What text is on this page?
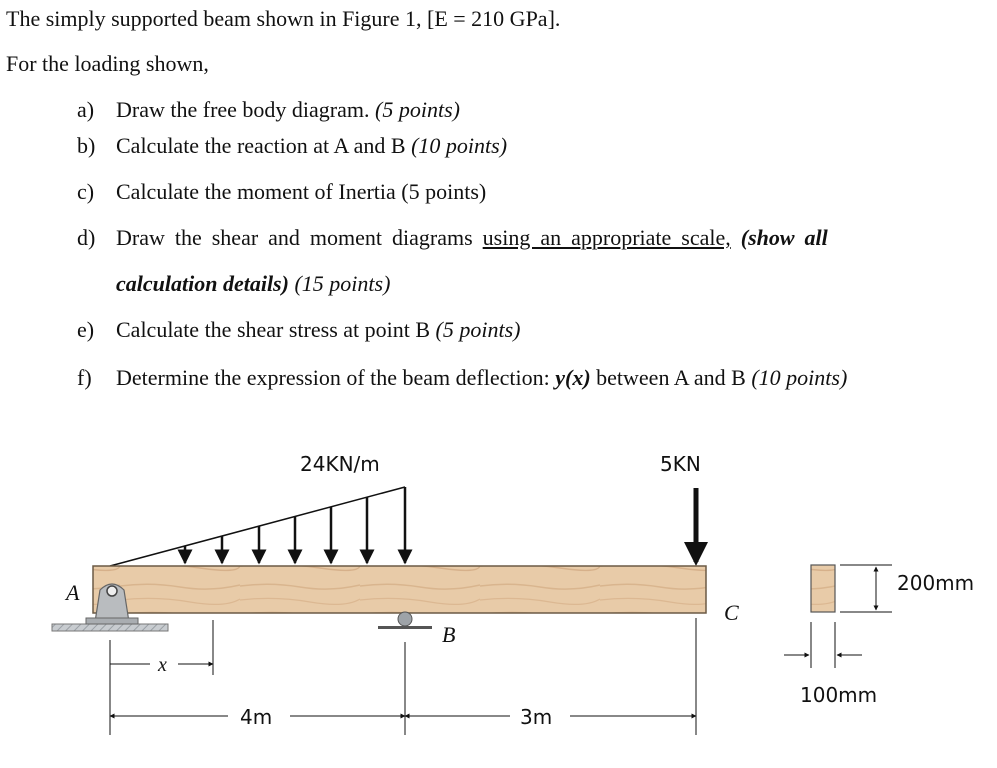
The simply supported beam shown in Figure 1, [E = 210 GPa].
For the loading shown,
a) Draw the free body diagram. (5 points)
b) Calculate the reaction at A and B (10 points)
c) Calculate the moment of Inertia (5 points)
d) Draw the shear and moment diagrams using an appropriate scale, (show all
calculation details) (15 points)
e) Calculate the shear stress at point B (5 points)
f) Determine the expression of the beam deflection: y(x) between A and B (10 points)
24KN/m	5KN
A
B
C
x
4m	3m
200mm
100mm
